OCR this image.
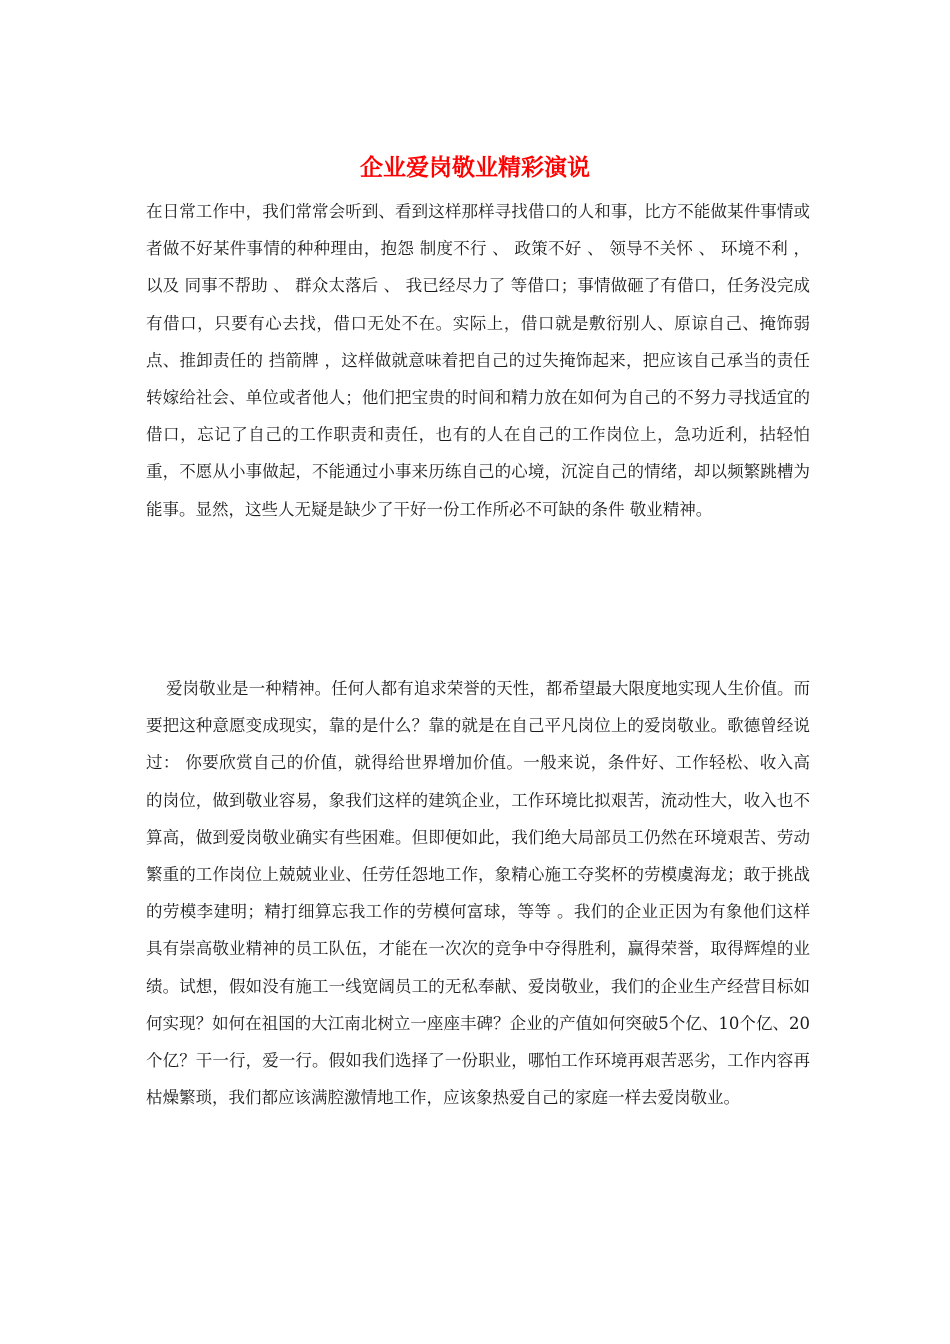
企业爱岗敬业精彩演说

在日常工作中，我们常常会听到、看到这样那样寻找借口的人和事，比方不能做某件事情或者做不好某件事情的种种理由，抱怨 制度不行 、 政策不好 、 领导不关怀 、 环境不利 ，以及 同事不帮助 、 群众太落后 、 我已经尽力了 等借口；事情做砸了有借口，任务没完成有借口，只要有心去找，借口无处不在。实际上，借口就是敷衍别人、原谅自己、掩饰弱点、推卸责任的 挡箭牌 ，这样做就意味着把自己的过失掩饰起来，把应该自己承当的责任转嫁给社会、单位或者他人；他们把宝贵的时间和精力放在如何为自己的不努力寻找适宜的借口，忘记了自己的工作职责和责任，也有的人在自己的工作岗位上，急功近利，拈轻怕重，不愿从小事做起，不能通过小事来历练自己的心境，沉淀自己的情绪，却以频繁跳槽为能事。显然，这些人无疑是缺少了干好一份工作所必不可缺的条件 敬业精神。

爱岗敬业是一种精神。任何人都有追求荣誉的天性，都希望最大限度地实现人生价值。而要把这种意愿变成现实，靠的是什么？靠的就是在自己平凡岗位上的爱岗敬业。歌德曾经说过： 你要欣赏自己的价值，就得给世界增加价值。一般来说，条件好、工作轻松、收入高的岗位，做到敬业容易，象我们这样的建筑企业，工作环境比拟艰苦，流动性大，收入也不算高，做到爱岗敬业确实有些困难。但即便如此，我们绝大局部员工仍然在环境艰苦、劳动繁重的工作岗位上兢兢业业、任劳任怨地工作，象精心施工夺奖杯的劳模虞海龙；敢于挑战的劳模李建明；精打细算忘我工作的劳模何富球，等等 。我们的企业正因为有象他们这样具有崇高敬业精神的员工队伍，才能在一次次的竞争中夺得胜利，赢得荣誉，取得辉煌的业绩。试想，假如没有施工一线宽阔员工的无私奉献、爱岗敬业，我们的企业生产经营目标如何实现？如何在祖国的大江南北树立一座座丰碑？企业的产值如何突破5个亿、10个亿、20个亿？干一行，爱一行。假如我们选择了一份职业，哪怕工作环境再艰苦恶劣，工作内容再枯燥繁琐，我们都应该满腔激情地工作，应该象热爱自己的家庭一样去爱岗敬业。
